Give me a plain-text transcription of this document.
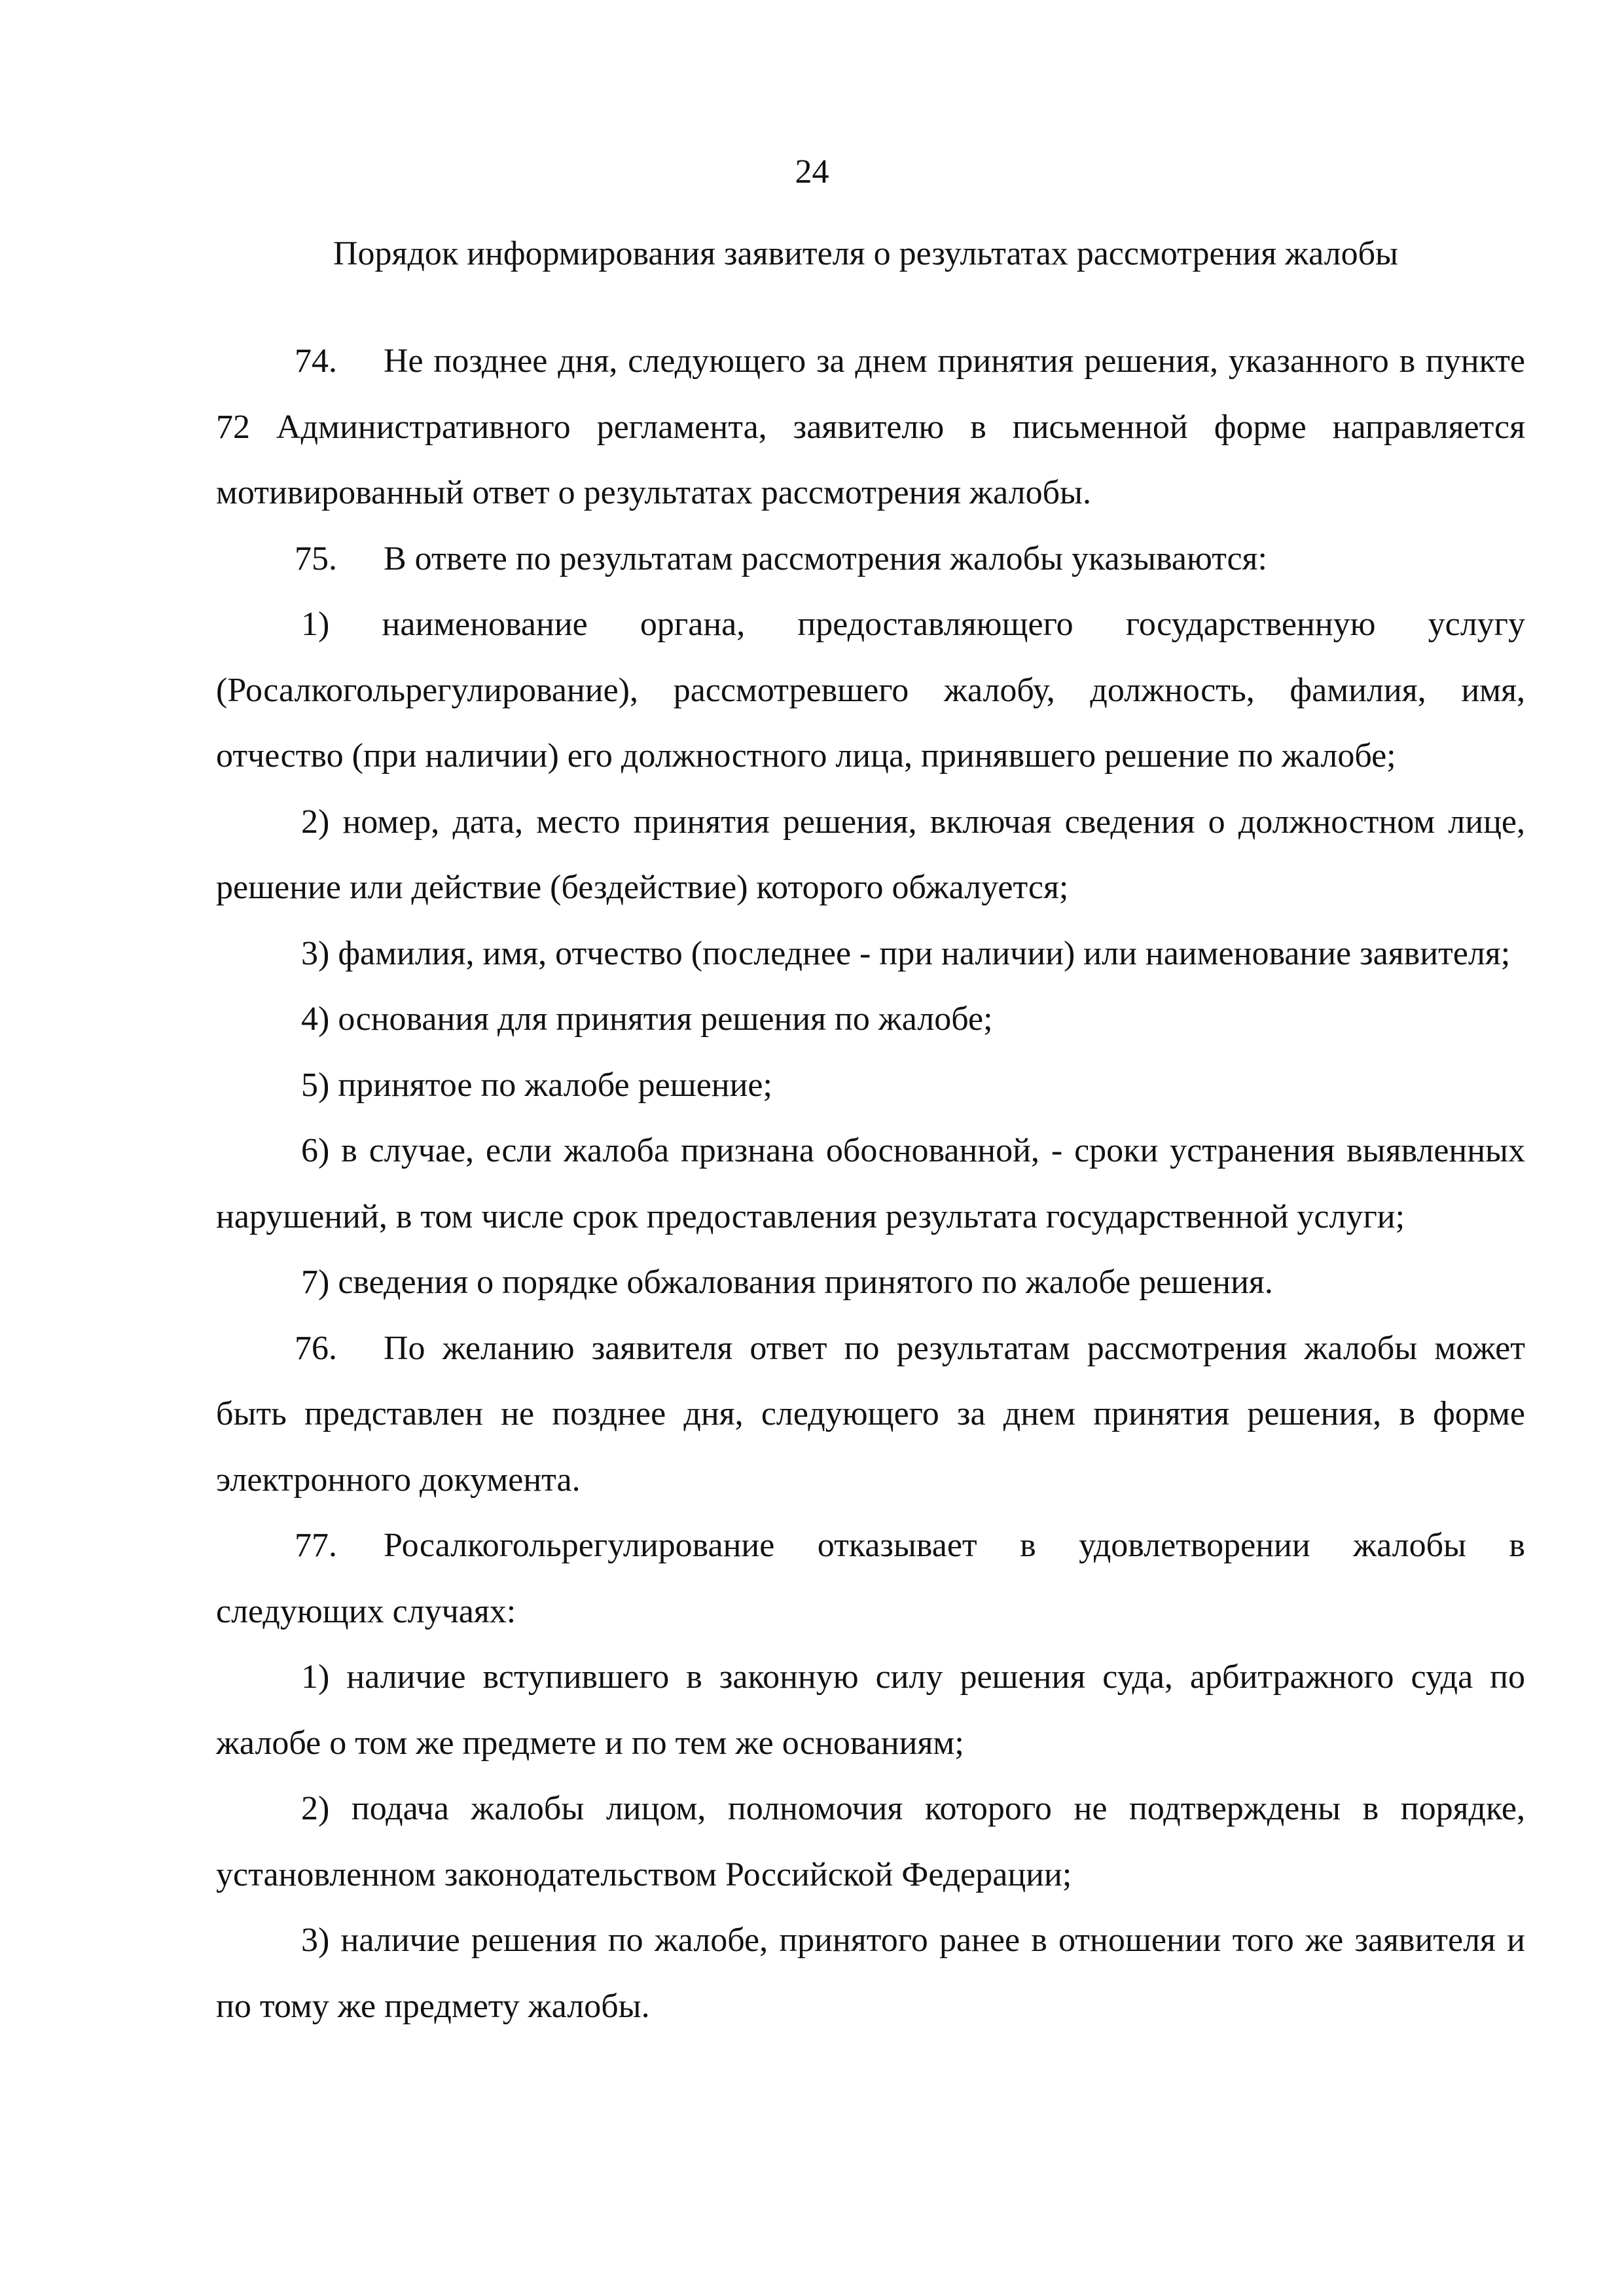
24
Порядок информирования заявителя о результатах рассмотрения жалобы

74. Не позднее дня, следующего за днем принятия решения, указанного в пункте 72 Административного регламента, заявителю в письменной форме направляется мотивированный ответ о результатах рассмотрения жалобы.

75. В ответе по результатам рассмотрения жалобы указываются:

1) наименование органа, предоставляющего государственную услугу (Росалкогольрегулирование), рассмотревшего жалобу, должность, фамилия, имя, отчество (при наличии) его должностного лица, принявшего решение по жалобе;

2) номер, дата, место принятия решения, включая сведения о должностном лице, решение или действие (бездействие) которого обжалуется;

3) фамилия, имя, отчество (последнее - при наличии) или наименование заявителя;

4) основания для принятия решения по жалобе;

5) принятое по жалобе решение;

6) в случае, если жалоба признана обоснованной, - сроки устранения выявленных нарушений, в том числе срок предоставления результата государственной услуги;

7) сведения о порядке обжалования принятого по жалобе решения.

76. По желанию заявителя ответ по результатам рассмотрения жалобы может быть представлен не позднее дня, следующего за днем принятия решения, в форме электронного документа.

77. Росалкогольрегулирование отказывает в удовлетворении жалобы в следующих случаях:

1) наличие вступившего в законную силу решения суда, арбитражного суда по жалобе о том же предмете и по тем же основаниям;

2) подача жалобы лицом, полномочия которого не подтверждены в порядке, установленном законодательством Российской Федерации;

3) наличие решения по жалобе, принятого ранее в отношении того же заявителя и по тому же предмету жалобы.
